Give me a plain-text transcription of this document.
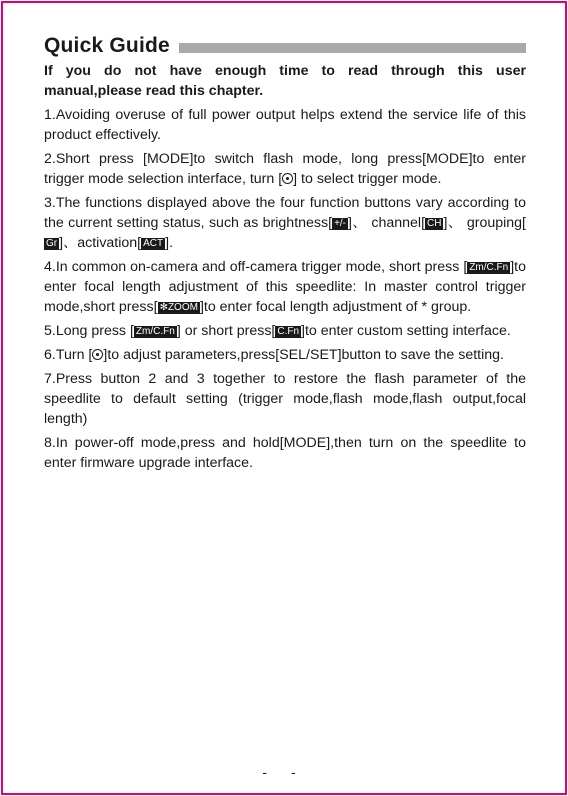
Quick Guide
If you do not have enough time to read through this user manual,please read this chapter.
1.Avoiding overuse of full power output helps extend the service life of this product effectively.
2.Short press [MODE]to switch flash mode, long press[MODE]to enter trigger mode selection interface, turn [ ] to select trigger mode.
3.The functions displayed above the four function buttons vary according to the current setting status, such as brightness[ +/- ]、 channel[ CH ]、 grouping[Gr ]、activation[ ACT ].
4.In common on-camera and off-camera trigger mode, short press [ Zm/C.Fn ]to enter focal length adjustment of this speedlite: In master control trigger mode,short press[ ✻ZOOM ]to enter focal length adjustment of * group.
5.Long press [ Zm/C.Fn ] or short press[ C.Fn ]to enter custom setting interface.
6.Turn [ ]to adjust parameters,press[SEL/SET]button to save the setting.
7.Press button 2 and 3 together to restore the flash parameter of the speedlite to default setting (trigger mode,flash mode,flash output,focal length)
8.In power-off mode,press and hold[MODE],then turn on the speedlite to enter firmware upgrade interface.
- -
